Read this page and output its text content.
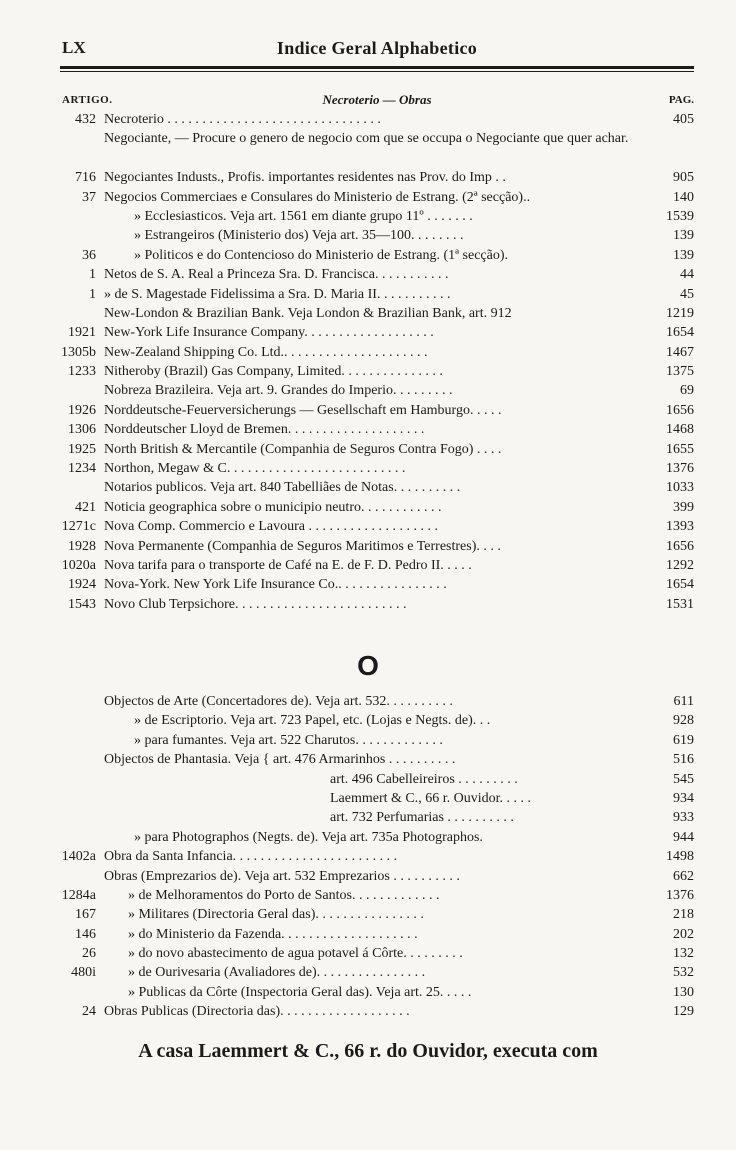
LX	Indice Geral Alphabetico
ARTIGO.	Necroterio — Obras	PAG.
432 Necroterio . . . . . . . . . . . . . . . . . . . . . . . . . . . . . . .	405
Negociante, — Procure o genero de negocio com que se occupa o Negociante que quer achar.
716 Negociantes Industs., Profis. importantes residentes nas Prov. do Imp . .	905
37 Negocios Commerciaes e Consulares do Ministerio de Estrang. (2ª secção)..	140
» Ecclesiasticos. Veja art. 1561 em diante grupo 11º . . . . . . .	1539
» Estrangeiros (Ministerio dos) Veja art. 35—100. . . . . . . .	139
36	» Politicos e do Contencioso do Ministerio de Estrang. (1ª secção).	139
1 Netos de S. A. Real a Princeza Sra. D. Francisca. . . . . . . . . . .	44
1 » de S. Magestade Fidelissima a Sra. D. Maria II. . . . . . . . . . .	45
New-London & Brazilian Bank. Veja London & Brazilian Bank, art. 912	1219
1921 New-York Life Insurance Company. . . . . . . . . . . . . . . . . . .	1654
1305b New-Zealand Shipping Co. Ltd.. . . . . . . . . . . . . . . . . . . . .	1467
1233 Nitheroby (Brazil) Gas Company, Limited. . . . . . . . . . . . . . .	1375
Nobreza Brazileira. Veja art. 9. Grandes do Imperio. . . . . . . . .	69
1926 Norddeutsche-Feuerversicherungs — Gesellschaft em Hamburgo. . . . .	1656
1306 Norddeutscher Lloyd de Bremen. . . . . . . . . . . . . . . . . . . .	1468
1925 North British & Mercantile (Companhia de Seguros Contra Fogo) . . . .	1655
1234 Northon, Megaw & C. . . . . . . . . . . . . . . . . . . . . . . . . .	1376
Notarios publicos. Veja art. 840 Tabelliães de Notas. . . . . . . . . .	1033
421 Noticia geographica sobre o municipio neutro. . . . . . . . . . . .	399
1271c Nova Comp. Commercio e Lavoura . . . . . . . . . . . . . . . . . . .	1393
1928 Nova Permanente (Companhia de Seguros Maritimos e Terrestres). . . .	1656
1020a Nova tarifa para o transporte de Café na E. de F. D. Pedro II. . . . .	1292
1924 Nova-York. New York Life Insurance Co.. . . . . . . . . . . . . . . .	1654
1543 Novo Club Terpsichore. . . . . . . . . . . . . . . . . . . . . . . . .	1531
O
Objectos de Arte (Concertadores de). Veja art. 532. . . . . . . . . .	611
» de Escriptorio. Veja art. 723 Papel, etc. (Lojas e Negts. de). . .	928
» para fumantes. Veja art. 522 Charutos. . . . . . . . . . . . .	619
Objectos de Phantasia. Veja { art. 476 Armarinhos . . . . . . . . . .	516
art. 496 Cabelleireiros . . . . . . . . .	545
Laemmert & C., 66 r. Ouvidor. . . . .	934
art. 732 Perfumarias . . . . . . . . . .	933
» para Photographos (Negts. de). Veja art. 735a Photographos.	944
1402a Obra da Santa Infancia. . . . . . . . . . . . . . . . . . . . . . . .	1498
Obras (Emprezarios de). Veja art. 532 Emprezarios . . . . . . . . . .	662
1284a	» de Melhoramentos do Porto de Santos. . . . . . . . . . . . .	1376
167	» Militares (Directoria Geral das). . . . . . . . . . . . . . . .	218
146	» do Ministerio da Fazenda. . . . . . . . . . . . . . . . . . . .	202
26	» do novo abastecimento de agua potavel á Côrte. . . . . . . . .	132
480i	» de Ourivesaria (Avaliadores de). . . . . . . . . . . . . . . .	532
» Publicas da Côrte (Inspectoria Geral das). Veja art. 25. . . . .	130
24 Obras Publicas (Directoria das). . . . . . . . . . . . . . . . . . .	129
A casa Laemmert & C., 66 r. do Ouvidor, executa com
